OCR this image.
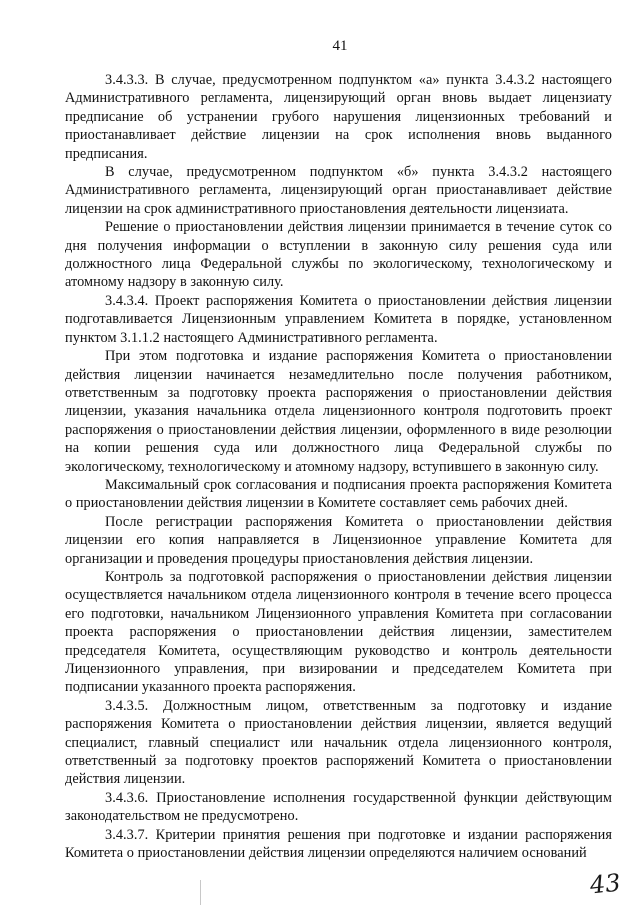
41

3.4.3.3. В случае, предусмотренном подпунктом «а» пункта 3.4.3.2 настоящего Административного регламента, лицензирующий орган вновь выдает лицензиату предписание об устранении грубого нарушения лицензионных требований и приостанавливает действие лицензии на срок исполнения вновь выданного предписания.

В случае, предусмотренном подпунктом «б» пункта 3.4.3.2 настоящего Административного регламента, лицензирующий орган приостанавливает действие лицензии на срок административного приостановления деятельности лицензиата.

Решение о приостановлении действия лицензии принимается в течение суток со дня получения информации о вступлении в законную силу решения суда или должностного лица Федеральной службы по экологическому, технологическому и атомному надзору в законную силу.

3.4.3.4. Проект распоряжения Комитета о приостановлении действия лицензии подготавливается Лицензионным управлением Комитета в порядке, установленном пунктом 3.1.1.2 настоящего Административного регламента.

При этом подготовка и издание распоряжения Комитета о приостановлении действия лицензии начинается незамедлительно после получения работником, ответственным за подготовку проекта распоряжения о приостановлении действия лицензии, указания начальника отдела лицензионного контроля подготовить проект распоряжения о приостановлении действия лицензии, оформленного в виде резолюции на копии решения суда или должностного лица Федеральной службы по экологическому, технологическому и атомному надзору, вступившего в законную силу.

Максимальный срок согласования и подписания проекта распоряжения Комитета о приостановлении действия лицензии в Комитете составляет семь рабочих дней.

После регистрации распоряжения Комитета о приостановлении действия лицензии его копия направляется в Лицензионное управление Комитета для организации и проведения процедуры приостановления действия лицензии.

Контроль за подготовкой распоряжения о приостановлении действия лицензии осуществляется начальником отдела лицензионного контроля в течение всего процесса его подготовки, начальником Лицензионного управления Комитета при согласовании проекта распоряжения о приостановлении действия лицензии, заместителем председателя Комитета, осуществляющим руководство и контроль деятельности Лицензионного управления, при визировании и председателем Комитета при подписании указанного проекта распоряжения.

3.4.3.5. Должностным лицом, ответственным за подготовку и издание распоряжения Комитета о приостановлении действия лицензии, является ведущий специалист, главный специалист или начальник отдела лицензионного контроля, ответственный за подготовку проектов распоряжений Комитета о приостановлении действия лицензии.

3.4.3.6. Приостановление исполнения государственной функции действующим законодательством не предусмотрено.

3.4.3.7. Критерии принятия решения при подготовке и издании распоряжения Комитета о приостановлении действия лицензии определяются наличием оснований

43
